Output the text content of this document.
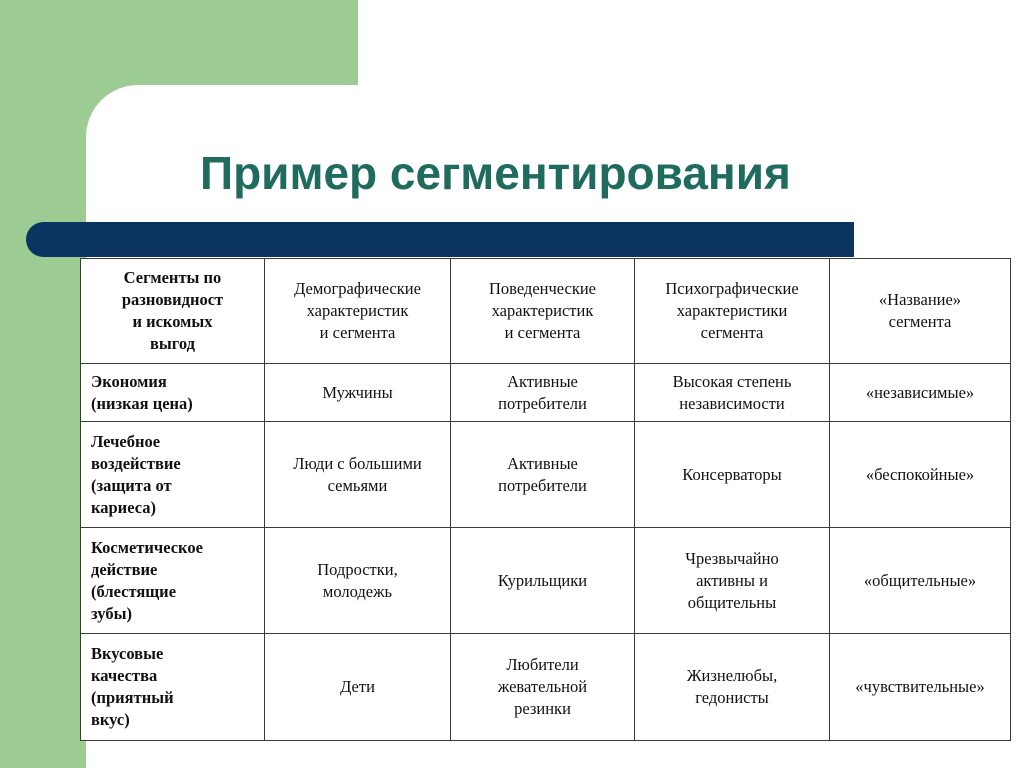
Пример сегментирования
Сегменты по
разновидност
и искомых
выгод	Демографические
характеристик
и сегмента	Поведенческие
характеристик
и сегмента	Психографические
характеристики
сегмента	«Название»
сегмента
Экономия
(низкая цена)	Мужчины	Активные
потребители	Высокая степень
независимости	«независимые»
Лечебное
воздействие
(защита от
кариеса)	Люди с большими
семьями	Активные
потребители	Консерваторы	«беспокойные»
Косметическое
действие
(блестящие
зубы)	Подростки,
молодежь	Курильщики	Чрезвычайно
активны и
общительны	«общительные»
Вкусовые
качества
(приятный
вкус)	Дети	Любители
жевательной
резинки	Жизнелюбы,
гедонисты	«чувствительные»
